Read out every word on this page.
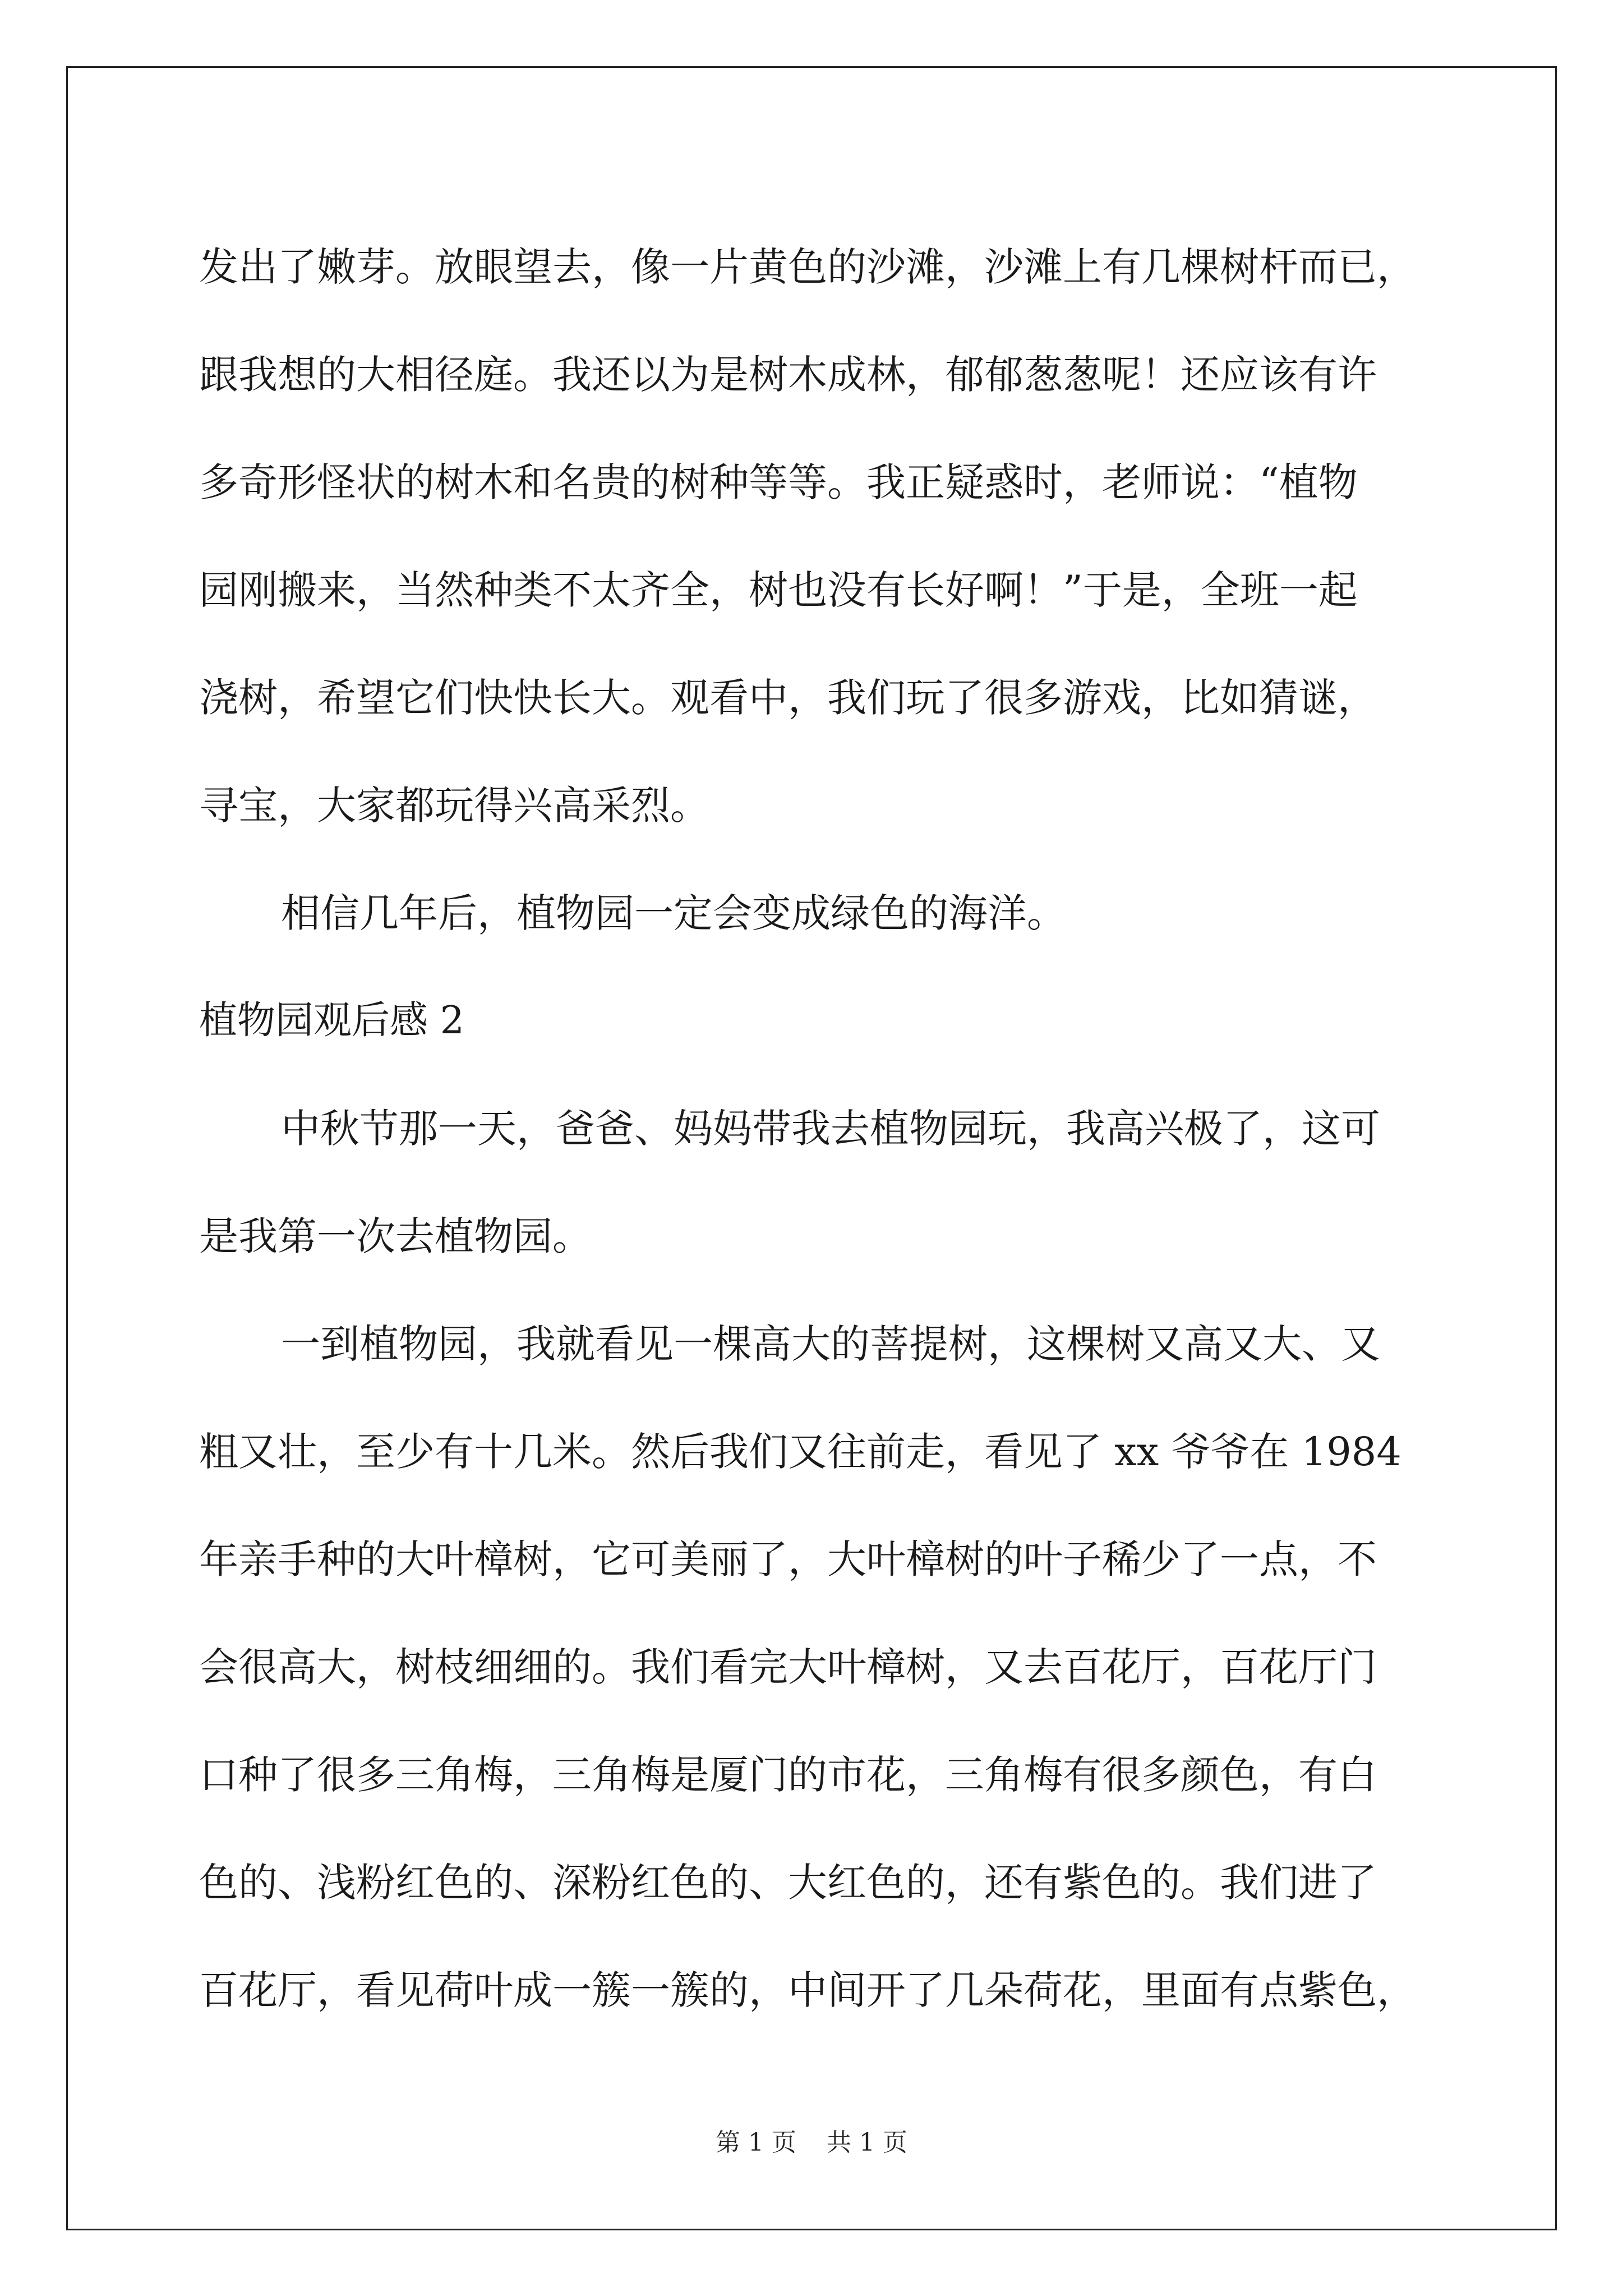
发出了嫩芽。放眼望去，像一片黄色的沙滩，沙滩上有几棵树杆而已，

跟我想的大相径庭。我还以为是树木成林，郁郁葱葱呢！还应该有许

多奇形怪状的树木和名贵的树种等等。我正疑惑时，老师说：“植物

园刚搬来，当然种类不太齐全，树也没有长好啊！”于是，全班一起

浇树，希望它们快快长大。观看中，我们玩了很多游戏，比如猜谜，

寻宝，大家都玩得兴高采烈。

相信几年后，植物园一定会变成绿色的海洋。

植物园观后感 2

中秋节那一天，爸爸、妈妈带我去植物园玩，我高兴极了，这可

是我第一次去植物园。

一到植物园，我就看见一棵高大的菩提树，这棵树又高又大、又

粗又壮，至少有十几米。然后我们又往前走，看见了 xx 爷爷在 1984

年亲手种的大叶樟树，它可美丽了，大叶樟树的叶子稀少了一点，不

会很高大，树枝细细的。我们看完大叶樟树，又去百花厅，百花厅门

口种了很多三角梅，三角梅是厦门的市花，三角梅有很多颜色，有白

色的、浅粉红色的、深粉红色的、大红色的，还有紫色的。我们进了

百花厅，看见荷叶成一簇一簇的，中间开了几朵荷花，里面有点紫色，

第 1 页 共 1 页
